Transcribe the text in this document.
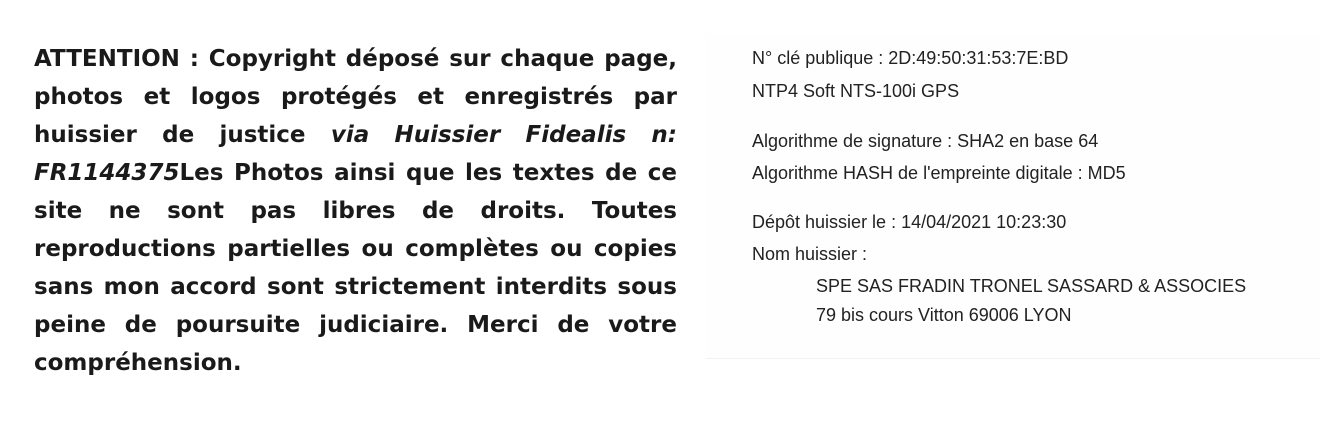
ATTENTION : Copyright déposé sur chaque page, photos et logos protégés et enregistrés par huissier de justice via Huissier Fidealis n: FR1144375Les Photos ainsi que les textes de ce site ne sont pas libres de droits. Toutes reproductions partielles ou complètes ou copies sans mon accord sont strictement interdits sous peine de poursuite judiciaire. Merci de votre compréhension.

N° clé publique : 2D:49:50:31:53:7E:BD
NTP4 Soft NTS-100i GPS
Algorithme de signature : SHA2 en base 64
Algorithme HASH de l'empreinte digitale : MD5
Dépôt huissier le : 14/04/2021 10:23:30
Nom huissier :
SPE SAS FRADIN TRONEL SASSARD & ASSOCIES
79 bis cours Vitton 69006 LYON
